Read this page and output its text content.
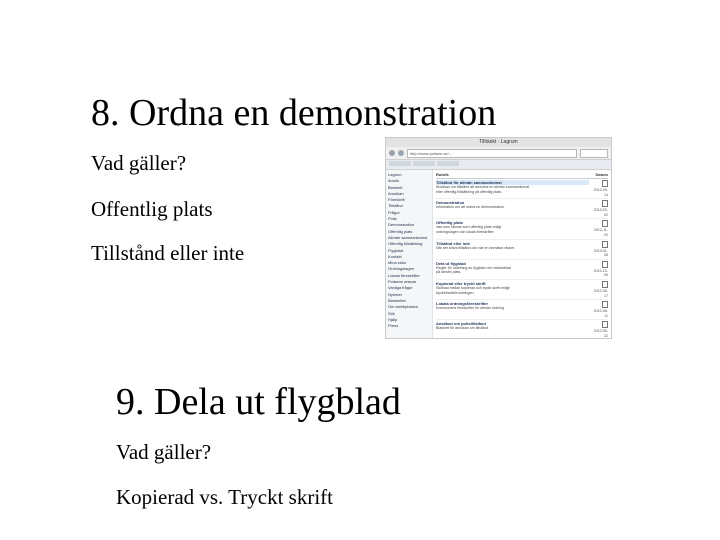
8. Ordna en demonstration
Vad gäller?
Offentlig plats
Tillstånd eller inte
Tilltänkt - Lagrum
http://www.polisen.se/...
Lagrum
Ansök
Blankett
Ansökan
Föreskrift
Tillstånd
Frågor
Polis
Demonstration
Offentlig plats
Allmän sammankomst
Offentlig tillställning
Flygblad
Kontakt
Mina sidor
Ordningslagen
Lokala föreskrifter
Polisens ansvar
Vanliga frågor
Nyheter
Blanketter
Om webbplatsen
Sök
Hjälp
Press
Rubrik	Datum
Tillstånd för allmän sammankomst
Ansökan om tillstånd att anordna en allmän sammankomst
eller offentlig tillställning på offentlig plats.	2012-09-14
Demonstration
Information om att ordna en demonstration.
2013-03-02
Offentlig plats
Vad som räknas som offentlig plats enligt
ordningslagen och lokala föreskrifter.	2012-11-20
Tillstånd eller inte
När det krävs tillstånd och när en anmälan räcker.
2013-01-08
Dela ut flygblad
Regler för utdelning av flygblad och reklamblad
på allmän plats.	2012-10-05
Kopierad eller tryckt skrift
Skillnad mellan kopierad och tryckt skrift enligt
tryckfrihetsförordningen.	2012-08-17
Lokala ordningsföreskrifter
Kommunens föreskrifter för allmän ordning.
2012-06-11
Ansökan om polistillstånd
Blankett för ansökan om tillstånd.
2012-05-22
9. Dela ut flygblad
Vad gäller?
Kopierad vs. Tryckt skrift
